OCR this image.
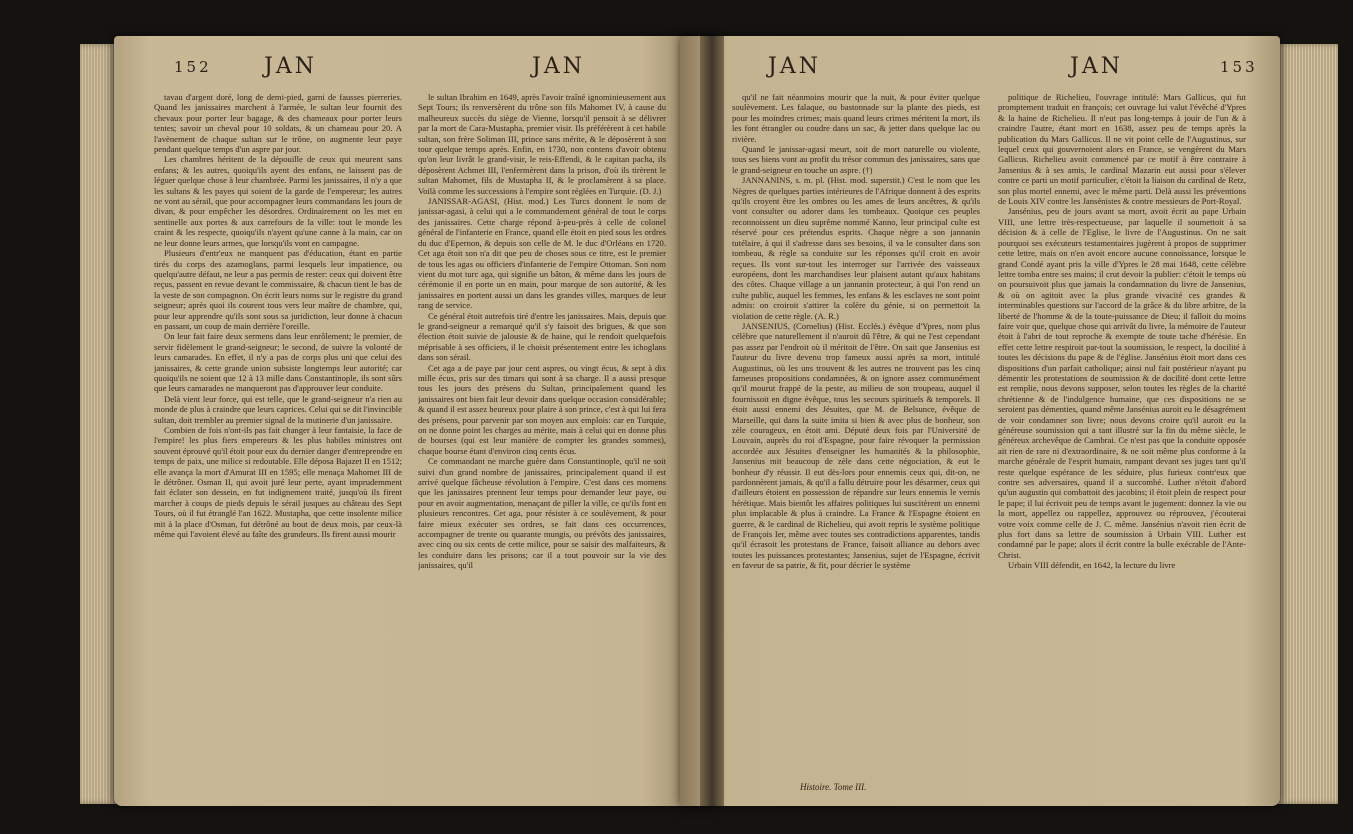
152 JAN	JAN

tavau d'argent doré, long de demi-pied, garni de fausses pierreries. Quand les janissaires marchent à l'armée, le sultan leur fournit des chevaux pour porter leur bagage, & des chameaux pour porter leurs tentes; savoir un cheval pour 10 soldats, & un chameau pour 20. A l'avènement de chaque sultan sur le trône, on augmente leur paye pendant quelque temps d'un aspre par jour.

Les chambres héritent de la dépouille de ceux qui meurent sans enfans; & les autres, quoiqu'ils ayent des enfans, ne laissent pas de léguer quelque chose à leur chambrée. Parmi les janissaires, il n'y a que les sultans & les payes qui soient de la garde de l'empereur; les autres ne vont au sérail, que pour accompagner leurs commandans les jours de divan, & pour empêcher les désordres. Ordinairement on les met en sentinelle aux portes & aux carrefours de la ville: tout le monde les craint & les respecte, quoiqu'ils n'ayent qu'une canne à la main, car on ne leur donne leurs armes, que lorsqu'ils vont en campagne.

Plusieurs d'entr'eux ne manquent pas d'éducation, étant en partie tirés du corps des azamoglans, parmi lesquels leur impatience, ou quelqu'autre défaut, ne leur a pas permis de rester: ceux qui doivent être reçus, passent en revue devant le commissaire, & chacun tient le bas de la veste de son compagnon. On écrit leurs noms sur le registre du grand seigneur; après quoi ils courent tous vers leur maître de chambre, qui, pour leur apprendre qu'ils sont sous sa juridiction, leur donne à chacun en passant, un coup de main derrière l'oreille.

On leur fait faire deux sermens dans leur enrôlement; le premier, de servir fidèlement le grand-seigneur; le second, de suivre la volonté de leurs camarades. En effet, il n'y a pas de corps plus uni que celui des janissaires, & cette grande union subsiste longtemps leur autorité; car quoiqu'ils ne soient que 12 à 13 mille dans Constantinople, ils sont sûrs que leurs camarades ne manqueront pas d'approuver leur conduite.

Delà vient leur force, qui est telle, que le grand-seigneur n'a rien au monde de plus à craindre que leurs caprices. Celui qui se dit l'invincible sultan, doit trembler au premier signal de la mutinerie d'un janissaire.

Combien de fois n'ont-ils pas fait changer à leur fantaisie, la face de l'empire! les plus fiers empereurs & les plus habiles ministres ont souvent éprouvé qu'il étoit pour eux du dernier danger d'entreprendre en temps de paix, une milice si redoutable. Elle déposa Bajazet II en 1512; elle avança la mort d'Amurat III en 1595; elle menaça Mahomet III de le détrôner. Osman II, qui avoit juré leur perte, ayant imprudemment fait éclater son dessein, en fut indignement traité, jusqu'où ils firent marcher à coups de pieds depuis le sérail jusques au château des Sept Tours, où il fut étranglé l'an 1622. Mustapha, que cette insolente milice mit à la place d'Osman, fut détrôné au bout de deux mois, par ceux-là même qui l'avoient élevé au faîte des grandeurs. Ils firent aussi mourir

le sultan Ibrahim en 1649, après l'avoir traîné ignominieusement aux Sept Tours; ils renversèrent du trône son fils Mahomet IV, à cause du malheureux succès du siège de Vienne, lorsqu'il pensoit à se délivrer par la mort de Cara-Mustapha, premier visir. Ils préférèrent à cet habile sultan, son frère Soliman III, prince sans mérite, & le déposèrent à son tour quelque temps après. Enfin, en 1730, non contens d'avoir obtenu qu'on leur livrât le grand-visir, le reis-Effendi, & le capitan pacha, ils déposèrent Achmet III, l'enfermèrent dans la prison, d'où ils tirèrent le sultan Mahomet, fils de Mustapha II, & le proclamèrent à sa place. Voilà comme les successions à l'empire sont réglées en Turquie. (D. J.)

JANISSAR-AGASI, (Hist. mod.) Les Turcs donnent le nom de janissar-agasi, à celui qui a le commandement général de tout le corps des janissaires. Cette charge répond à-peu-près à celle de colonel général de l'infanterie en France, quand elle étoit en pied sous les ordres du duc d'Epernon, & depuis son celle de M. le duc d'Orléans en 1720. Cet aga étoit son n'a dit que peu de choses sous ce titre, est le premier de tous les agas ou officiers d'infanterie de l'empire Ottoman. Son nom vient du mot turc aga, qui signifie un bâton, & même dans les jours de cérémonie il en porte un en main, pour marque de son autorité, & les janissaires en portent aussi un dans les grandes villes, marques de leur rang de service.

Ce général étoit autrefois tiré d'entre les janissaires. Mais, depuis que le grand-seigneur a remarqué qu'il s'y faisoit des brigues, & que son élection étoit suivie de jalousie & de haine, qui le rendoit quelquefois méprisable à ses officiers, il le choisit présentement entre les ichoglans dans son sérail.

Cet aga a de paye par jour cent aspres, ou vingt écus, & sept à dix mille écus, pris sur des timars qui sont à sa charge. Il a aussi presque tous les jours des présens du Sultan, principalement quand les janissaires ont bien fait leur devoir dans quelque occasion considérable; & quand il est assez heureux pour plaire à son prince, c'est à qui lui fera des présens, pour parvenir par son moyen aux emplois: car en Turquie, on ne donne point les charges au mérite, mais à celui qui en donne plus de bourses (qui est leur manière de compter les grandes sommes), chaque bourse étant d'environ cinq cents écus.

Ce commandant ne marche guère dans Constantinople, qu'il ne soit suivi d'un grand nombre de janissaires, principalement quand il est arrivé quelque fâcheuse révolution à l'empire. C'est dans ces momens que les janissaires prennent leur temps pour demander leur paye, ou pour en avoir augmentation, menaçant de piller la ville, ce qu'ils font en plusieurs rencontres. Cet aga, pour résister à ce soulèvement, & pour faire mieux exécuter ses ordres, se fait dans ces occurrences, accompagner de trente ou quarante mungis, ou prévôts des janissaires, avec cinq ou six cents de cette milice, pour se saisir des malfaiteurs, & les conduire dans les prisons; car il a tout pouvoir sur la vie des janissaires, qu'il

JAN	JAN	153

qu'il ne fait néanmoins mourir que la nuit, & pour éviter quelque soulèvement. Les falaque, ou bastonnade sur la plante des pieds, est pour les moindres crimes; mais quand leurs crimes méritent la mort, ils les font étrangler ou coudre dans un sac, & jetter dans quelque lac ou rivière.

Quand le janissar-agasi meurt, soit de mort naturelle ou violente, tous ses biens vont au profit du trésor commun des janissaires, sans que le grand-seigneur en touche un aspre. (†)

JANNANINS, s. m. pl. (Hist. mod. superstit.) C'est le nom que les Nègres de quelques parties intérieures de l'Afrique donnent à des esprits qu'ils croyent être les ombres ou les ames de leurs ancêtres, & qu'ils vont consulter ou adorer dans les tombeaux. Quoique ces peuples reconnoissent un dieu suprême nommé Kanno, leur principal culte est réservé pour ces prétendus esprits. Chaque nègre a son jannanin tutélaire, à qui il s'adresse dans ses besoins, il va le consulter dans son tombeau, & règle sa conduite sur les réponses qu'il croit en avoir reçues. Ils vont sur-tout les interroger sur l'arrivée des vaisseaux européens, dont les marchandises leur plaisent autant qu'aux habitans des côtes. Chaque village a un jannanin protecteur, à qui l'on rend un culte public, auquel les femmes, les enfans & les esclaves ne sont point admis: on croiroit s'attirer la colère du génie, si on permettoit la violation de cette règle. (A. R.)

JANSENIUS, (Cornelius) (Hist. Ecclés.) évêque d'Ypres, nom plus célèbre que naturellement il n'auroit dû l'être, & qui ne l'est cependant pas assez par l'endroit où il méritoit de l'être. On sait que Jansenius est l'auteur du livre devenu trop fameux aussi après sa mort, intitulé Augustinus, où les uns trouvent & les autres ne trouvent pas les cinq fameuses propositions condamnées, & on ignore assez communément qu'il mourut frappé de la peste, au milieu de son troupeau, auquel il fournissoit en digne évêque, tous les secours spirituels & temporels. Il étoit aussi ennemi des Jésuites, que M. de Belsunce, évêque de Marseille, qui dans la suite imita si bien & avec plus de bonheur, son zèle courageux, en étoit ami. Député deux fois par l'Université de Louvain, auprès du roi d'Espagne, pour faire révoquer la permission accordée aux Jésuites d'enseigner les humanités & la philosophie, Jansenius mit beaucoup de zèle dans cette négociation, & eut le bonheur d'y réussir. Il eut dès-lors pour ennemis ceux qui, dit-on, ne pardonnèrent jamais, & qu'il a fallu détruire pour les désarmer, ceux qui d'ailleurs étoient en possession de répandre sur leurs ennemis le vernis hérétique. Mais bientôt les affaires politiques lui suscitèrent un ennemi plus implacable & plus à craindre. La France & l'Espagne étoient en guerre, & le cardinal de Richelieu, qui avoit repris le système politique de François Ier, même avec toutes ses contradictions apparentes, tandis qu'il écrasoit les protestans de France, faisoit alliance au dehors avec toutes les puissances protestantes; Jansenius, sujet de l'Espagne, écrivit en faveur de sa patrie, & fit, pour décrier le système

politique de Richelieu, l'ouvrage intitulé: Mars Gallicus, qui fut promptement traduit en françois; cet ouvrage lui valut l'évêché d'Ypres & la haine de Richelieu. Il n'eut pas long-temps à jouir de l'un & à craindre l'autre, étant mort en 1638, assez peu de temps après la publication du Mars Gallicus. Il ne vit point celle de l'Augustinus, sur lequel ceux qui gouvernoient alors en France, se vengèrent du Mars Gallicus. Richelieu avoit commencé par ce motif à être contraire à Jansenius & à ses amis, le cardinal Mazarin eut aussi pour s'élever contre ce parti un motif particulier, c'étoit la liaison du cardinal de Retz, son plus mortel ennemi, avec le même parti. Delà aussi les préventions de Louis XIV contre les Jansénistes & contre messieurs de Port-Royal.

Jansénius, peu de jours avant sa mort, avoit écrit au pape Urbain VIII, une lettre très-respectueuse, par laquelle il soumettoit à sa décision & à celle de l'Eglise, le livre de l'Augustinus. On ne sait pourquoi ses exécuteurs testamentaires jugèrent à propos de supprimer cette lettre, mais on n'en avoit encore aucune connoissance, lorsque le grand Condé ayant pris la ville d'Ypres le 28 mai 1648, cette célèbre lettre tomba entre ses mains; il crut devoir la publier: c'étoit le temps où on poursuivoit plus que jamais la condamnation du livre de Jansenius, & où on agitoit avec la plus grande vivacité ces grandes & interminables questions sur l'accord de la grâce & du libre arbitre, de la liberté de l'homme & de la toute-puissance de Dieu; il falloit du moins faire voir que, quelque chose qui arrivât du livre, la mémoire de l'auteur étoit à l'abri de tout reproche & exempte de toute tache d'hérésie. En effet cette lettre respiroit par-tout la soumission, le respect, la docilité à toutes les décisions du pape & de l'église. Jansénius étoit mort dans ces dispositions d'un parfait catholique; ainsi nul fait postérieur n'ayant pu démentir les protestations de soumission & de docilité dont cette lettre est remplie, nous devons supposer, selon toutes les règles de la charité chrétienne & de l'indulgence humaine, que ces dispositions ne se seroient pas démenties, quand même Jansénius auroit eu le désagrément de voir condamner son livre; nous devons croire qu'il auroit eu la généreuse soumission qui a tant illustré sur la fin du même siècle, le généreux archevêque de Cambrai. Ce n'est pas que la conduite opposée ait rien de rare ni d'extraordinaire, & ne soit même plus conforme à la marche générale de l'esprit humain, rampant devant ses juges tant qu'il reste quelque espérance de les séduire, plus furieux contr'eux que contre ses adversaires, quand il a succombé. Luther n'étoit d'abord qu'un augustin qui combattoit des jacobins; il étoit plein de respect pour le pape; il lui écrivoit peu de temps avant le jugement: donnez la vie ou la mort, appellez ou rappellez, approuvez ou réprouvez, j'écouterai votre voix comme celle de J. C. même. Jansénius n'avoit rien écrit de plus fort dans sa lettre de soumission à Urbain VIII. Luther est condamné par le pape; alors il écrit contre la bulle exécrable de l'Ante-Christ.

Urbain VIII défendit, en 1642, la lecture du livre

Histoire. Tome III.
